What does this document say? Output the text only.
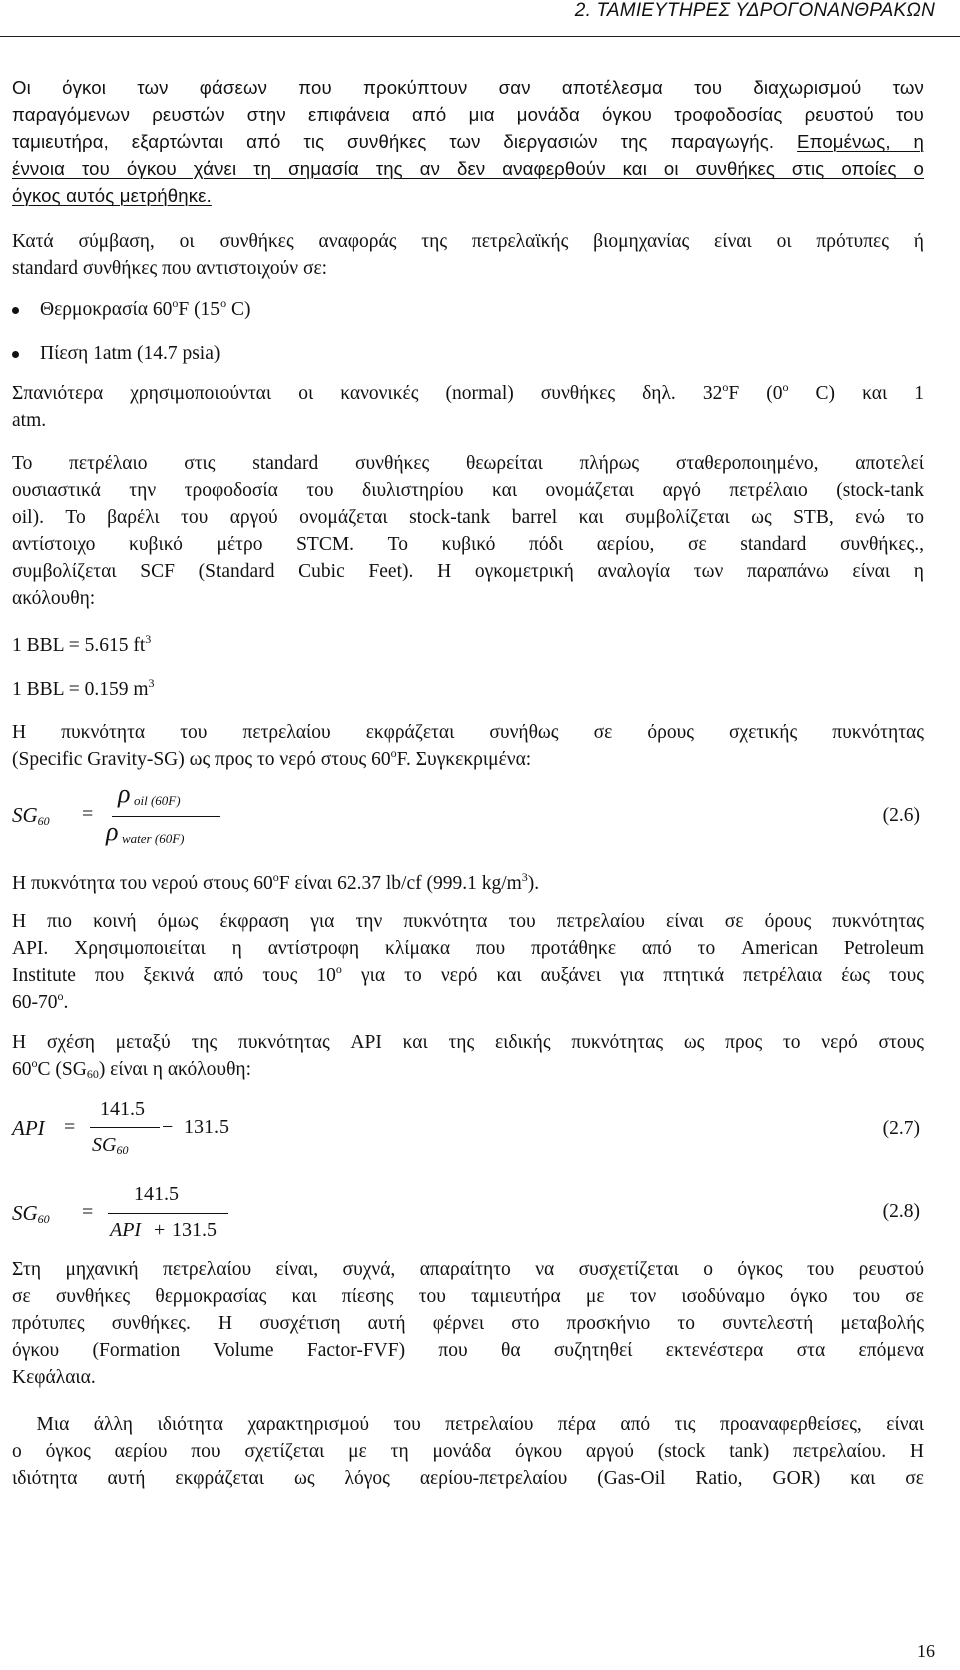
2. ΤΑΜΙΕΥΤΗΡΕΣ ΥΔΡΟΓΟΝΑΝΘΡΑΚΩΝ

Οι όγκοι των φάσεων που προκύπτουν σαν αποτέλεσμα του διαχωρισμού των

παραγόμενων ρευστών στην επιφάνεια από μια μονάδα όγκου τροφοδοσίας ρευστού του

ταμιευτήρα, εξαρτώνται από τις συνθήκες των διεργασιών της παραγωγής. Επομένως, η

έννοια του όγκου χάνει τη σημασία της αν δεν αναφερθούν και οι συνθήκες στις οποίες ο

όγκος αυτός μετρήθηκε.

Κατά σύμβαση, οι συνθήκες αναφοράς της πετρελαϊκής βιομηχανίας είναι οι πρότυπες ή

standard συνθήκες που αντιστοιχούν σε:

Θερμοκρασία 60$^o$F (15$^o$ C)
Πίεση 1atm (14.7 psia)

Σπανιότερα χρησιμοποιούνται οι κανονικές (normal) συνθήκες δηλ. 32$^o$F (0$^o$ C) και 1

atm.

Το πετρέλαιο στις standard συνθήκες θεωρείται πλήρως σταθεροποιημένο, αποτελεί

ουσιαστικά την τροφοδοσία του διυλιστηρίου και ονομάζεται αργό πετρέλαιο (stock-tank

oil). Το βαρέλι του αργού ονομάζεται stock-tank barrel και συμβολίζεται ως STB, ενώ το

αντίστοιχο κυβικό μέτρο STCM. Το κυβικό πόδι αερίου, σε standard συνθήκες.,

συμβολίζεται SCF (Standard Cubic Feet). Η ογκομετρική αναλογία των παραπάνω είναι η

ακόλουθη:

1 BBL = 5.615 $ft^3$

1 BBL = 0.159 $m^3$

Η πυκνότητα του πετρελαίου εκφράζεται συνήθως σε όρους σχετικής πυκνότητας

(Specific Gravity-SG) ως προς το νερό στους 60$^o$F. Συγκεκριμένα:

$SG_{60}$ =
ρ oil (60F)
ρ water (60F)
(2.6)

Η πυκνότητα του νερού στους 60$^o$F είναι 62.37 lb/cf (999.1 $kg/m^3$).

Η πιο κοινή όμως έκφραση για την πυκνότητα του πετρελαίου είναι σε όρους πυκνότητας

API. Χρησιμοποιείται η αντίστροφη κλίμακα που προτάθηκε από το American Petroleum

Institute που ξεκινά από τους 10$^o$ για το νερό και αυξάνει για πτητικά πετρέλαια έως τους

60-70$^o$.

Η σχέση μεταξύ της πυκνότητας API και της ειδικής πυκνότητας ως προς το νερό στους

60$^o$C $(SG_{60})$ είναι η ακόλουθη:

API =
141.5
$SG_{60}$
− 131.5	(2.7)
$SG_{60}$ =
141.5
API + 131.5
(2.8)

Στη μηχανική πετρελαίου είναι, συχνά, απαραίτητο να συσχετίζεται ο όγκος του ρευστού

σε συνθήκες θερμοκρασίας και πίεσης του ταμιευτήρα με τον ισοδύναμο όγκο του σε

πρότυπες συνθήκες. Η συσχέτιση αυτή φέρνει στο προσκήνιο το συντελεστή μεταβολής

όγκου (Formation Volume Factor-FVF) που θα συζητηθεί εκτενέστερα στα επόμενα

Κεφάλαια.

Μια άλλη ιδιότητα χαρακτηρισμού του πετρελαίου πέρα από τις προαναφερθείσες, είναι

ο όγκος αερίου που σχετίζεται με τη μονάδα όγκου αργού (stock tank) πετρελαίου. Η

ιδιότητα αυτή εκφράζεται ως λόγος αερίου-πετρελαίου (Gas-Oil Ratio, GOR) και σε

16
